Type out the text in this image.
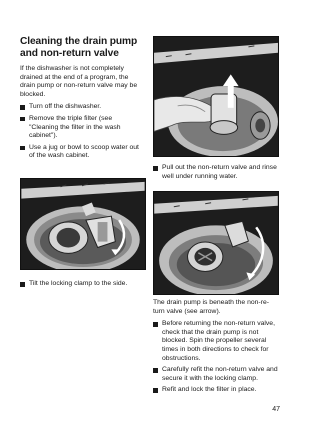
Cleaning the drain pump and non-return valve
If the dishwasher is not completely drained at the end of a program, the drain pump or non-return valve may be blocked.
Turn off the dishwasher.
Remove the triple filter (see "Cleaning the filter in the wash cabinet").
Use a jug or bowl to scoop water out of the wash cabinet.
Tilt the locking clamp to the side.
Pull out the non-return valve and rinse well under running water.
The drain pump is beneath the non-re-turn valve (see arrow).
Before returning the non-return valve, check that the drain pump is not blocked. Spin the propeller several times in both directions to check for obstructions.
Carefully refit the non-return valve and secure it with the locking clamp.
Refit and lock the filter in place.
47
